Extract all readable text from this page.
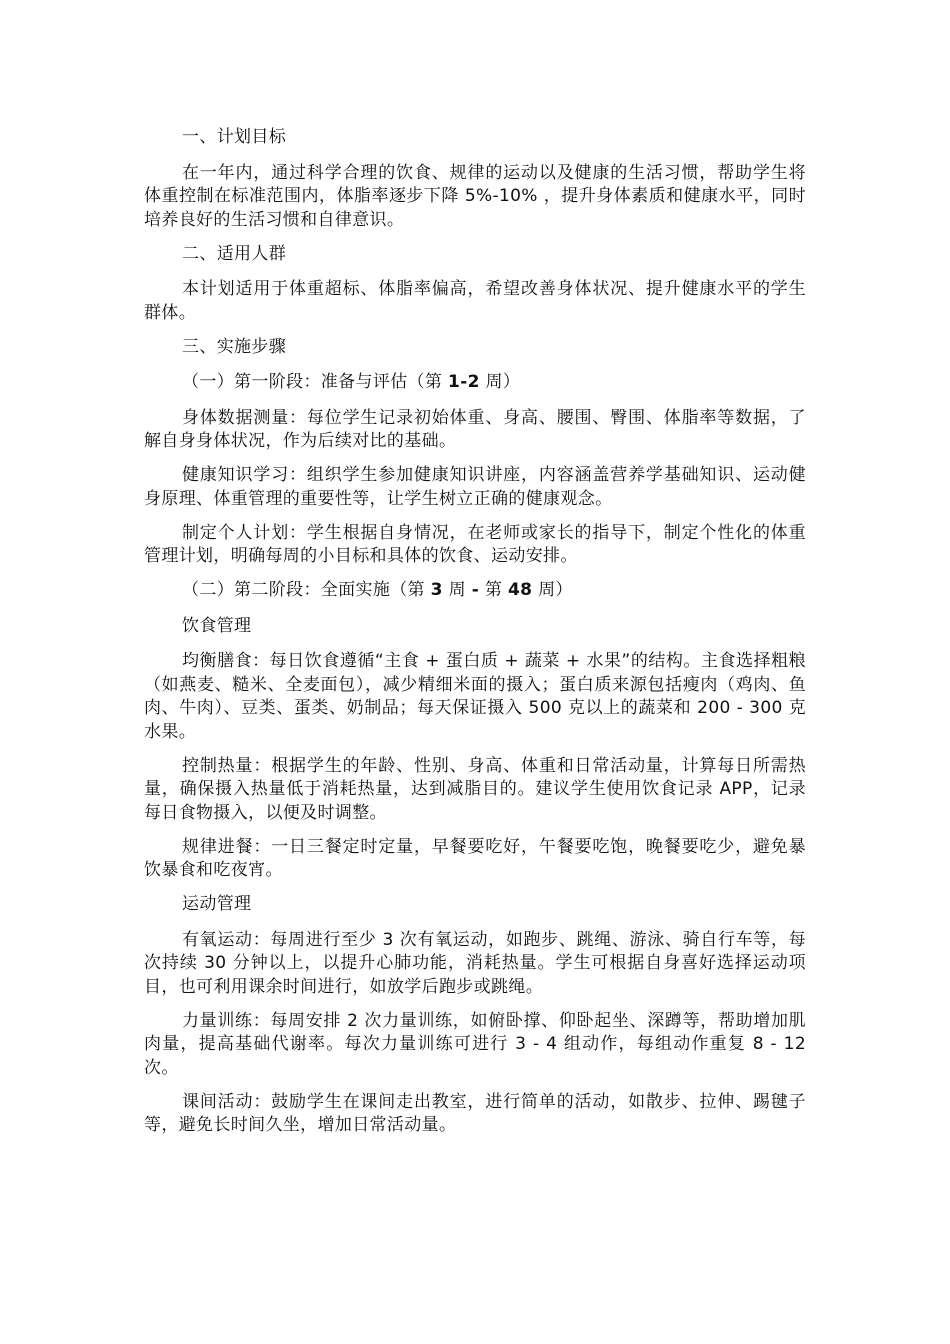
一、计划目标

在一年内，通过科学合理的饮食、规律的运动以及健康的生活习惯，帮助学生将体重控制在标准范围内，体脂率逐步下降 5%-10% ，提升身体素质和健康水平，同时培养良好的生活习惯和自律意识。

二、适用人群

本计划适用于体重超标、体脂率偏高，希望改善身体状况、提升健康水平的学生群体。

三、实施步骤

（一）第一阶段：准备与评估（第 1-2 周）

身体数据测量：每位学生记录初始体重、身高、腰围、臀围、体脂率等数据，了解自身身体状况，作为后续对比的基础。

健康知识学习：组织学生参加健康知识讲座，内容涵盖营养学基础知识、运动健身原理、体重管理的重要性等，让学生树立正确的健康观念。

制定个人计划：学生根据自身情况，在老师或家长的指导下，制定个性化的体重管理计划，明确每周的小目标和具体的饮食、运动安排。

（二）第二阶段：全面实施（第 3 周 - 第 48 周）

饮食管理

均衡膳食：每日饮食遵循“主食 + 蛋白质 + 蔬菜 + 水果”的结构。主食选择粗粮（如燕麦、糙米、全麦面包），减少精细米面的摄入；蛋白质来源包括瘦肉（鸡肉、鱼肉、牛肉）、豆类、蛋类、奶制品；每天保证摄入 500 克以上的蔬菜和 200 - 300 克水果。

控制热量：根据学生的年龄、性别、身高、体重和日常活动量，计算每日所需热量，确保摄入热量低于消耗热量，达到减脂目的。建议学生使用饮食记录 APP，记录每日食物摄入，以便及时调整。

规律进餐：一日三餐定时定量，早餐要吃好，午餐要吃饱，晚餐要吃少，避免暴饮暴食和吃夜宵。

运动管理

有氧运动：每周进行至少 3 次有氧运动，如跑步、跳绳、游泳、骑自行车等，每次持续 30 分钟以上，以提升心肺功能，消耗热量。学生可根据自身喜好选择运动项目，也可利用课余时间进行，如放学后跑步或跳绳。

力量训练：每周安排 2 次力量训练，如俯卧撑、仰卧起坐、深蹲等，帮助增加肌肉量，提高基础代谢率。每次力量训练可进行 3 - 4 组动作，每组动作重复 8 - 12 次。

课间活动：鼓励学生在课间走出教室，进行简单的活动，如散步、拉伸、踢毽子等，避免长时间久坐，增加日常活动量。
